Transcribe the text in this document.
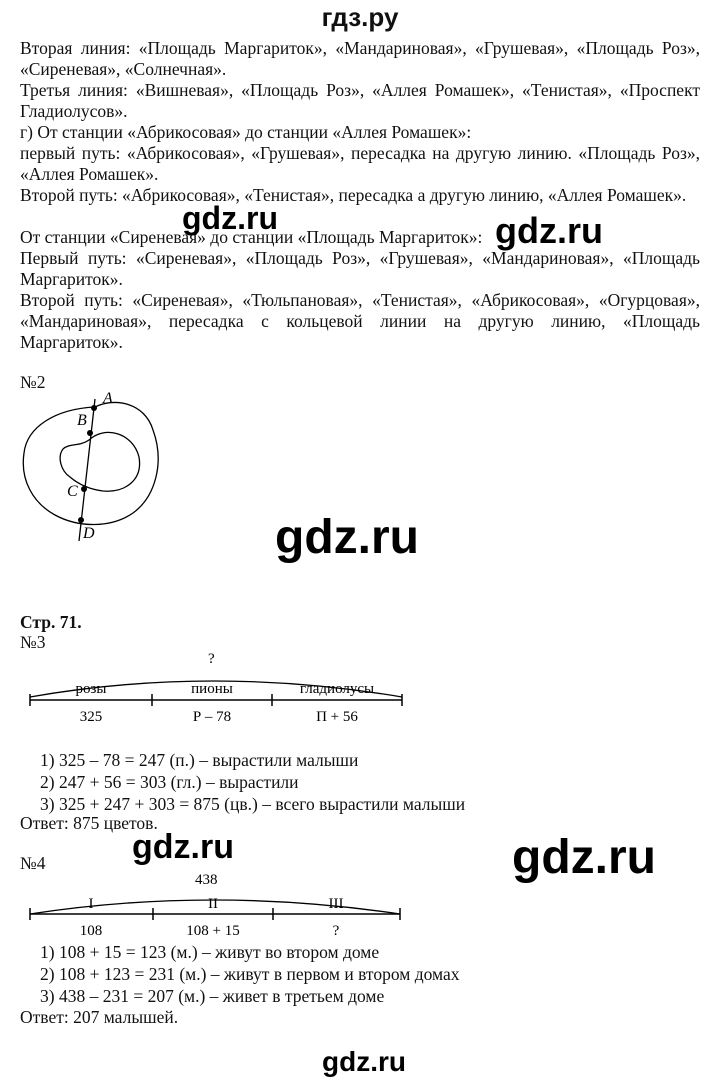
гдз.ру
Вторая линия: «Площадь Маргариток», «Мандариновая», «Грушевая», «Площадь Роз», «Сиреневая», «Солнечная».
Третья линия: «Вишневая», «Площадь Роз», «Аллея Ромашек», «Тенистая», «Проспект Гладиолусов».
г) От станции «Абрикосовая» до станции «Аллея Ромашек»:
первый путь: «Абрикосовая», «Грушевая», пересадка на другую линию. «Площадь Роз», «Аллея Ромашек».
Второй путь: «Абрикосовая», «Тенистая», пересадка а другую линию, «Аллея Ромашек».
От станции «Сиреневая» до станции «Площадь Маргариток»:
Первый путь: «Сиреневая», «Площадь Роз», «Грушевая», «Мандариновая», «Площадь Маргариток».
Второй путь: «Сиреневая», «Тюльпановая», «Тенистая», «Абрикосовая», «Огурцовая», «Мандариновая», пересадка с кольцевой линии на другую линию, «Площадь Маргариток».
gdz.ru	gdz.ru
№2
A
B
C
D	gdz.ru
Стр. 71.
№3
?
розы	пионы	гладиолусы
325	Р – 78	П + 56
1) 325 – 78 = 247 (п.) – вырастили малыши
2) 247 + 56 = 303 (гл.) – вырастили
3) 325 + 247 + 303 = 875 (цв.) – всего вырастили малыши
Ответ: 875 цветов.
gdz.ru	gdz.ru
№4
438
I	II	III
108	108 + 15	?
1) 108 + 15 = 123 (м.) – живут во втором доме
2) 108 + 123 = 231 (м.) – живут в первом и втором домах
3) 438 – 231 = 207 (м.) – живет в третьем доме
Ответ: 207 малышей.
gdz.ru
